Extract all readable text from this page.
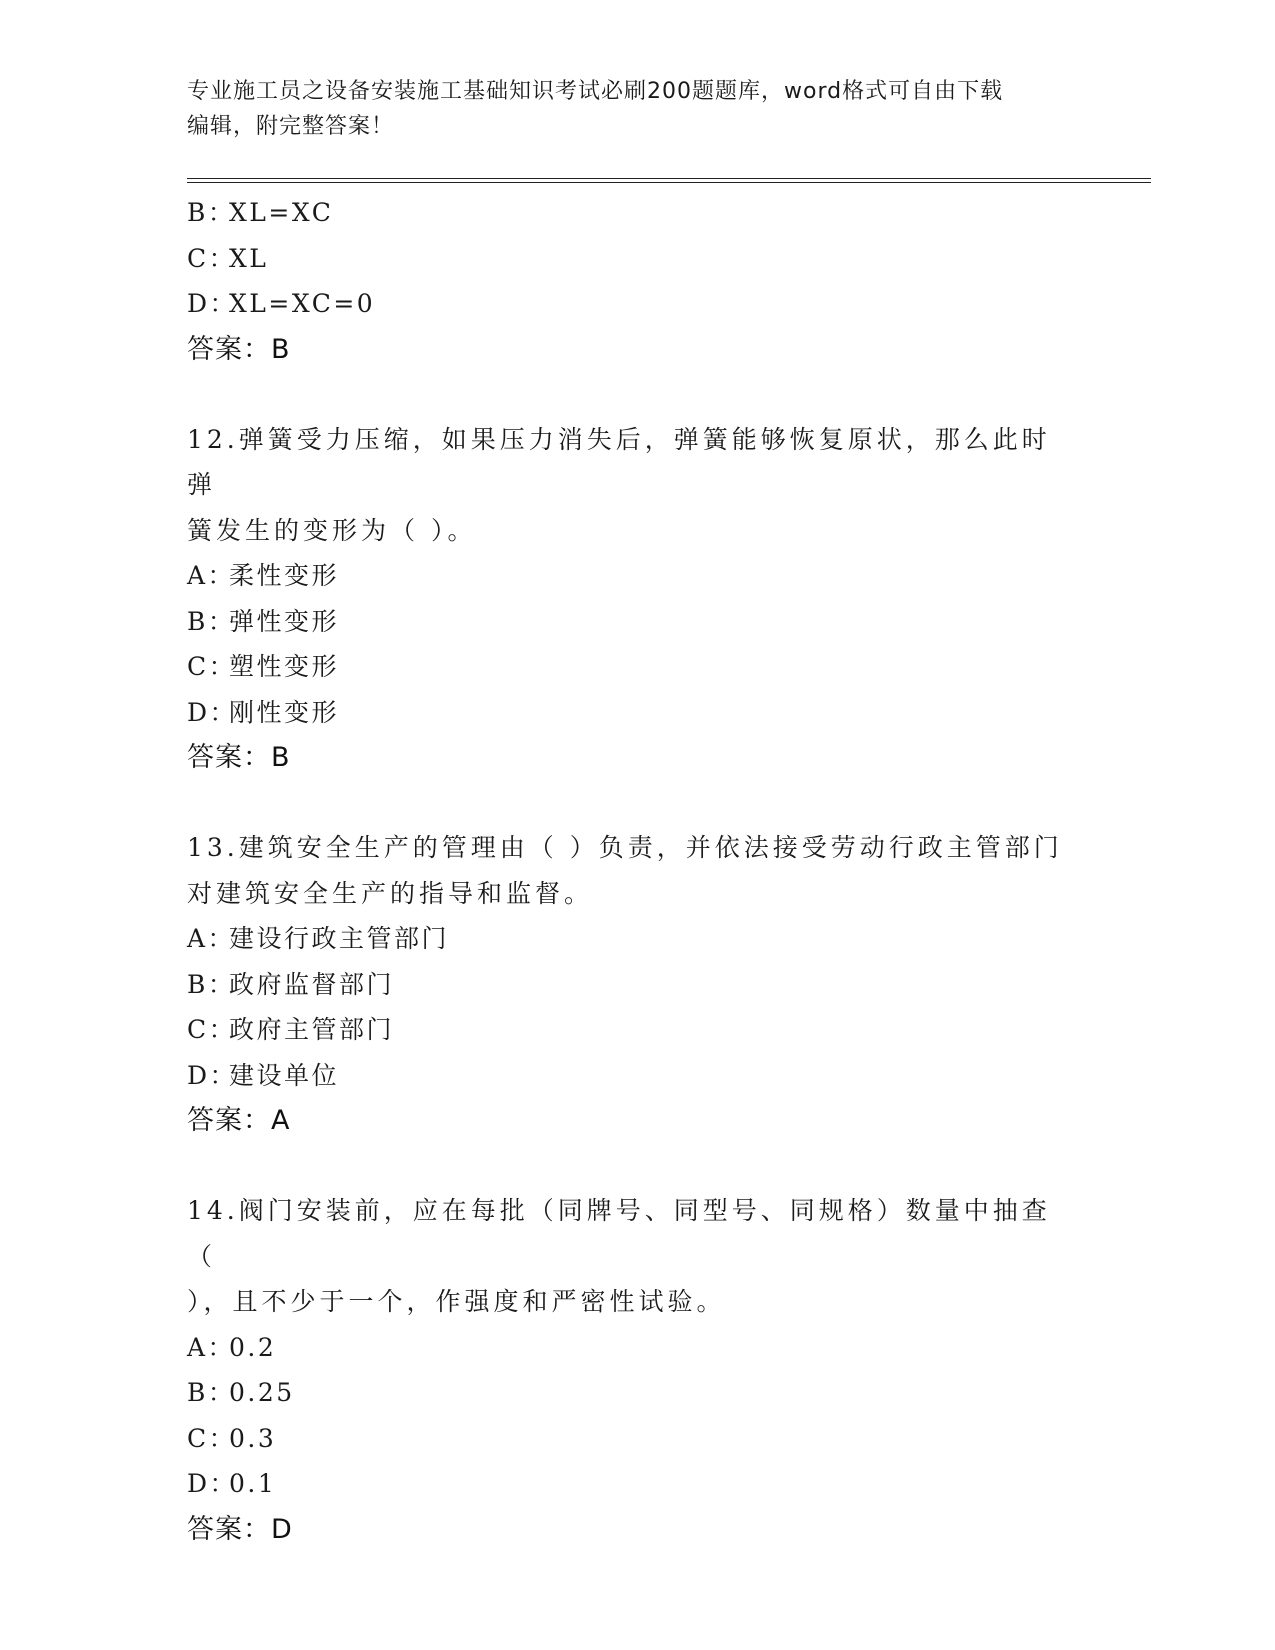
专业施工员之设备安装施工基础知识考试必刷200题题库，word格式可自由下载
编辑，附完整答案！
B：XL=XC
C：XL
D：XL=XC=0
答案：B
12.弹簧受力压缩，如果压力消失后，弹簧能够恢复原状，那么此时弹
簧发生的变形为（ ）。
A：柔性变形
B：弹性变形
C：塑性变形
D：刚性变形
答案：B
13.建筑安全生产的管理由（ ）负责，并依法接受劳动行政主管部门
对建筑安全生产的指导和监督。
A：建设行政主管部门
B：政府监督部门
C：政府主管部门
D：建设单位
答案：A
14.阀门安装前，应在每批（同牌号、同型号、同规格）数量中抽查（
），且不少于一个，作强度和严密性试验。
A：0.2
B：0.25
C：0.3
D：0.1
答案：D
